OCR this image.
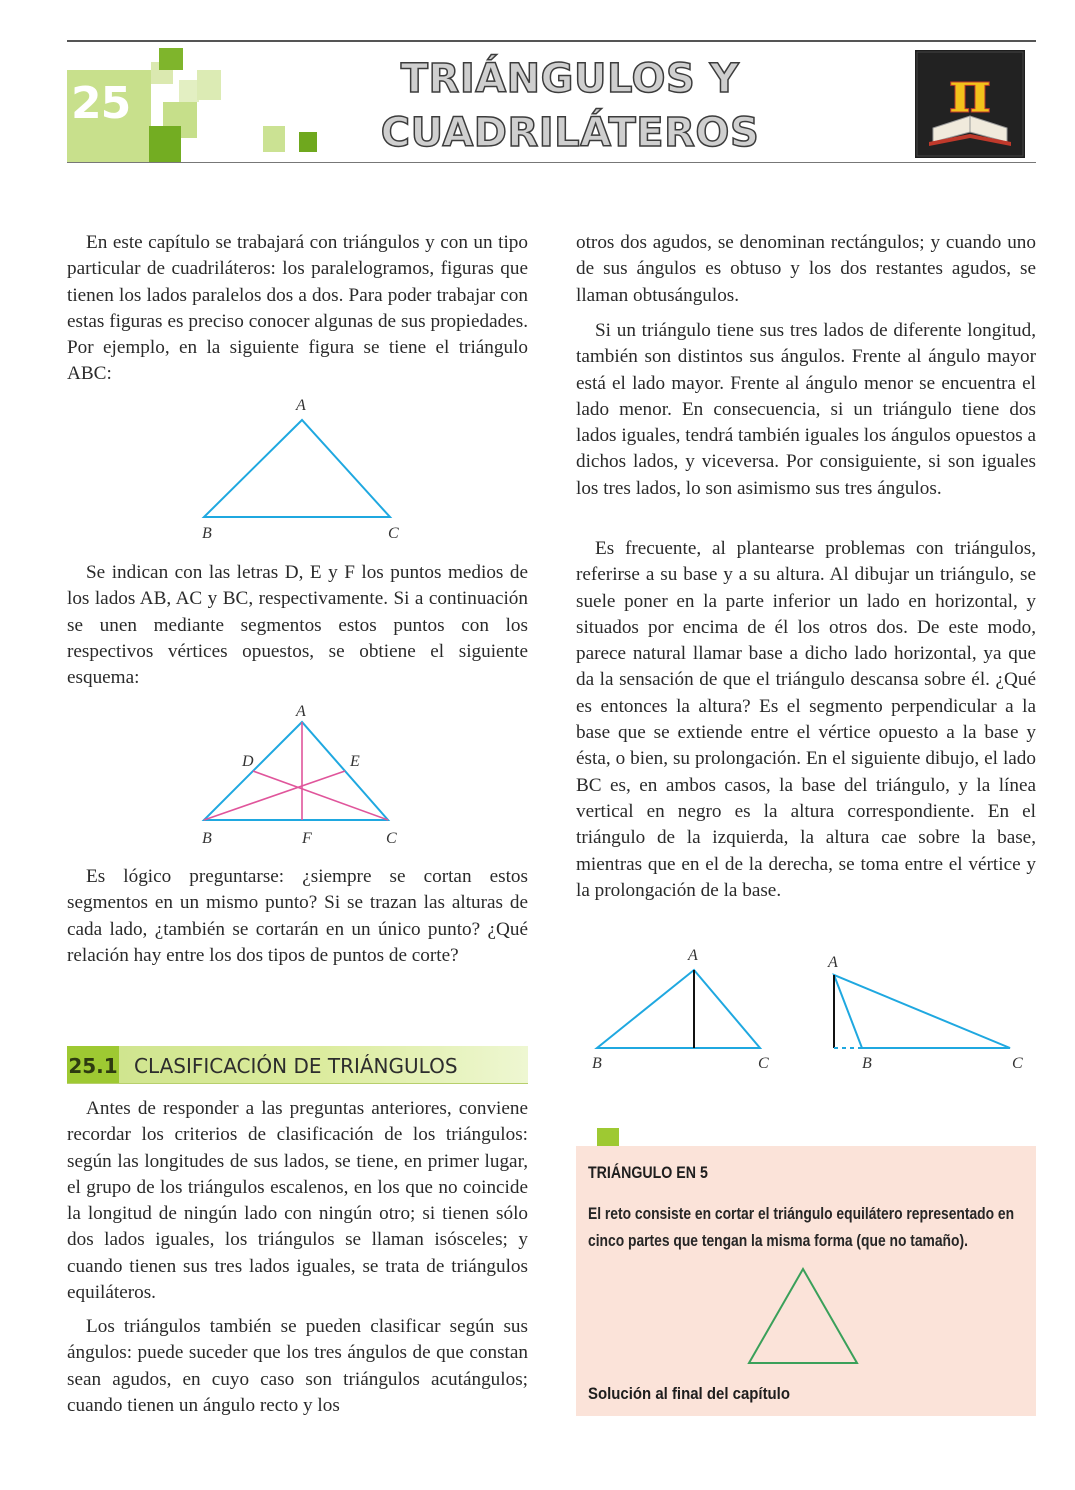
25	TRIÁNGULOS Y
CUADRILÁTEROS
π

En este capítulo se trabajará con triángulos y con un tipo particular de cuadriláteros: los paralelogramos, figuras que tienen los lados paralelos dos a dos. Para poder trabajar con estas figuras es preciso conocer algunas de sus propiedades. Por ejemplo, en la siguiente figura se tiene el triángulo ABC:

A
B	C

Se indican con las letras D, E y F los puntos medios de los lados AB, AC y BC, respectivamente. Si a continuación se unen mediante segmentos estos puntos con los respectivos vértices opuestos, se obtiene el siguiente esquema:

A
D	E
B	F	C

Es lógico preguntarse: ¿siempre se cortan estos segmentos en un mismo punto? Si se trazan las alturas de cada lado, ¿también se cortarán en un único punto? ¿Qué relación hay entre los dos tipos de puntos de corte?

25.1 CLASIFICACIÓN DE TRIÁNGULOS

Antes de responder a las preguntas anteriores, conviene recordar los criterios de clasificación de los triángulos: según las longitudes de sus lados, se tiene, en primer lugar, el grupo de los triángulos escalenos, en los que no coincide la longitud de ningún lado con ningún otro; si tienen sólo dos lados iguales, los triángulos se llaman isósceles; y cuando tienen sus tres lados iguales, se trata de triángulos equiláteros.

Los triángulos también se pueden clasificar según sus ángulos: puede suceder que los tres ángulos de que constan sean agudos, en cuyo caso son triángulos acutángulos; cuando tienen un ángulo recto y los

otros dos agudos, se denominan rectángulos; y cuando uno de sus ángulos es obtuso y los dos restantes agudos, se llaman obtusángulos.

Si un triángulo tiene sus tres lados de diferente longitud, también son distintos sus ángulos. Frente al ángulo mayor está el lado mayor. Frente al ángulo menor se encuentra el lado menor. En consecuencia, si un triángulo tiene dos lados iguales, tendrá también iguales los ángulos opuestos a dichos lados, y viceversa. Por consiguiente, si son iguales los tres lados, lo son asimismo sus tres ángulos.

Es frecuente, al plantearse problemas con triángulos, referirse a su base y a su altura. Al dibujar un triángulo, se suele poner en la parte inferior un lado en horizontal, y situados por encima de él los otros dos. De este modo, parece natural llamar base a dicho lado horizontal, ya que da la sensación de que el triángulo descansa sobre él. ¿Qué es entonces la altura? Es el segmento perpendicular a la base que se extiende entre el vértice opuesto a la base y ésta, o bien, su prolongación. En el siguiente dibujo, el lado BC es, en ambos casos, la base del triángulo, y la línea vertical en negro es la altura correspondiente. En el triángulo de la izquierda, la altura cae sobre la base, mientras que en el de la derecha, se toma entre el vértice y la prolongación de la base.

A
B	C
A
B	C
TRIÁNGULO EN 5

El reto consiste en cortar el triángulo equilátero representado en cinco partes que tengan la misma forma (que no tamaño).

Solución al final del capítulo
